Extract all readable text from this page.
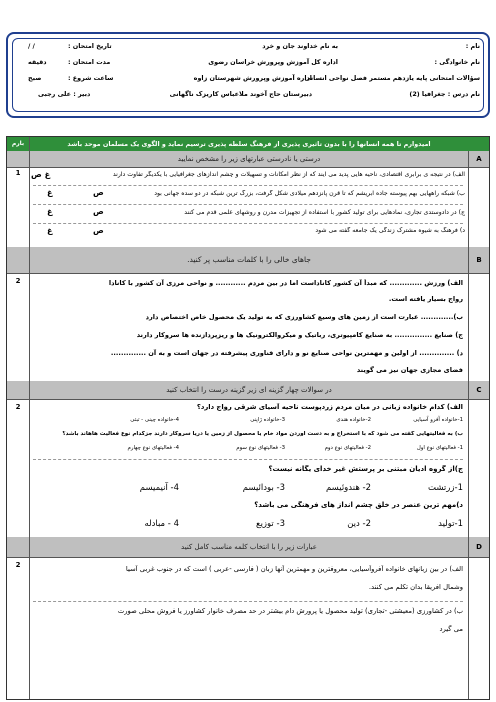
نام :
به نام خداوند جان و خرد
تاریخ امتحان :
/ /
نام خانوادگی :
اداره کل آموزش وپرورش خراسان رضوی
مدت امتحان :
دقیقه
سؤالات امتحانی پایه یازدهم مستمر فصل نواحی انسانی
اداره آموزش وپرورش شهرستان زاوه
ساعت شروع :
صبح
نام درس : جغرافیا (2)
دبیرستان حاج آخوند ملاعباس کاریزک ناگهانی
دبیر : علی رجبی
بارم	امیدوارم تا همه انسانها را با بدون تاثیری پذیری از فرهنگ سلطه پذیری ترسیم نماید و الگوی یک مسلمان موحد باشد
A
درستی یا نادرستی عبارتهای زیر را مشخص نمایید
1	الف) در نتیجه ی برابری اقتصادی، ناحیه هایی پدید می آیند که از نظر امکانات و تسهیلات و چشم اندازهای جغرافیایی با یکدیگر تفاوت دارند
غ ص
ب) شبکه راههایی بهم پیوسته جاده ابریشم که تا قرن پانزدهم میلادی شکل گرفت، بزرگ ترین شبکه در دو سده جهانی بود
غ	ص
ج) در دادوستدی تجاری، نمادهایی برای تولید کشور با استفاده از تجهیزات مدرن و روشهای علمی قدم می کنند
غ	ص
د) فرهنگ به شیوه مشترک زندگی یک جامعه گفته می شود
غ	ص
B
جاهای خالی را با کلمات مناسب پر کنید.
2	الف) ورزش ............. که مبدأ آن کشور کاناداست اما در بین مردم ............ و نواحی مرزی آن کشور با کانادا
رواج بسیار یافته است.
ب)............. عبارت است از زمین های وسیع کشاورزی که به تولید یک محصول خاص اختصاص دارد
ج) صنایع ............... به صنایع کامپیوتری، رباتیک و میکروالکترونیک ها و ریزپردازنده ها سروکار دارند
د) .............. از اولین و مهمترین نواحی صنایع نو و دارای فناوری پیشرفته در جهان است و به آن ..............
فضای مجازی جهان نیز می گویند
C
در سوالات چهار گزینه ای زیر گزینه درست را انتخاب کنید
2	الف) کدام خانواده زبانی در میان مردم زردپوست ناحیه آسیای شرقی رواج دارد؟
1-خانواده آفرو آسیایی
2-خانواده هندی
3-خانواده ژاپنی
4-خانواده چینی - تبتی
ب) به فعالیتهایی گفته می شود که با استخراج و به دست آوردن مواد خام یا محصول از زمین یا دریا سروکار دارند جزکدام نوع فعالیت هاهاند باشد؟
1- فعالیتهای نوع اول
2- فعالیتهای نوع دوم
3- فعالیتهای نوع سوم
4- فعالیتهای نوع چهارم
ج)از گروه ادیان مبتنی بر پرستش غیر خدای یگانه نیست؟
1-زرتشت
2- هندوئیسم
3- بودائیسم
4- آنیمیسم
د)مهم ترین عنصر در خلق چشم انداز های فرهنگی می باشد؟
1-تولید
2- دین
3- توزیع
4 - مبادله
D
عبارات زیر را با انتخاب کلمه مناسب کامل کنید
2	الف) در بین زبانهای خانواده آفروآسیایی، معروفترین و مهمترین آنها زبان ( فارسی -عربی ) است که در جنوب غربی آسیا
وشمال افریقا بدان تکلم می کنند.
ب) در کشاورزی (معیشتی -تجاری) تولید محصول یا پرورش دام بیشتر در حد مصرف خانوار کشاورز یا فروش محلی صورت
می گیرد
